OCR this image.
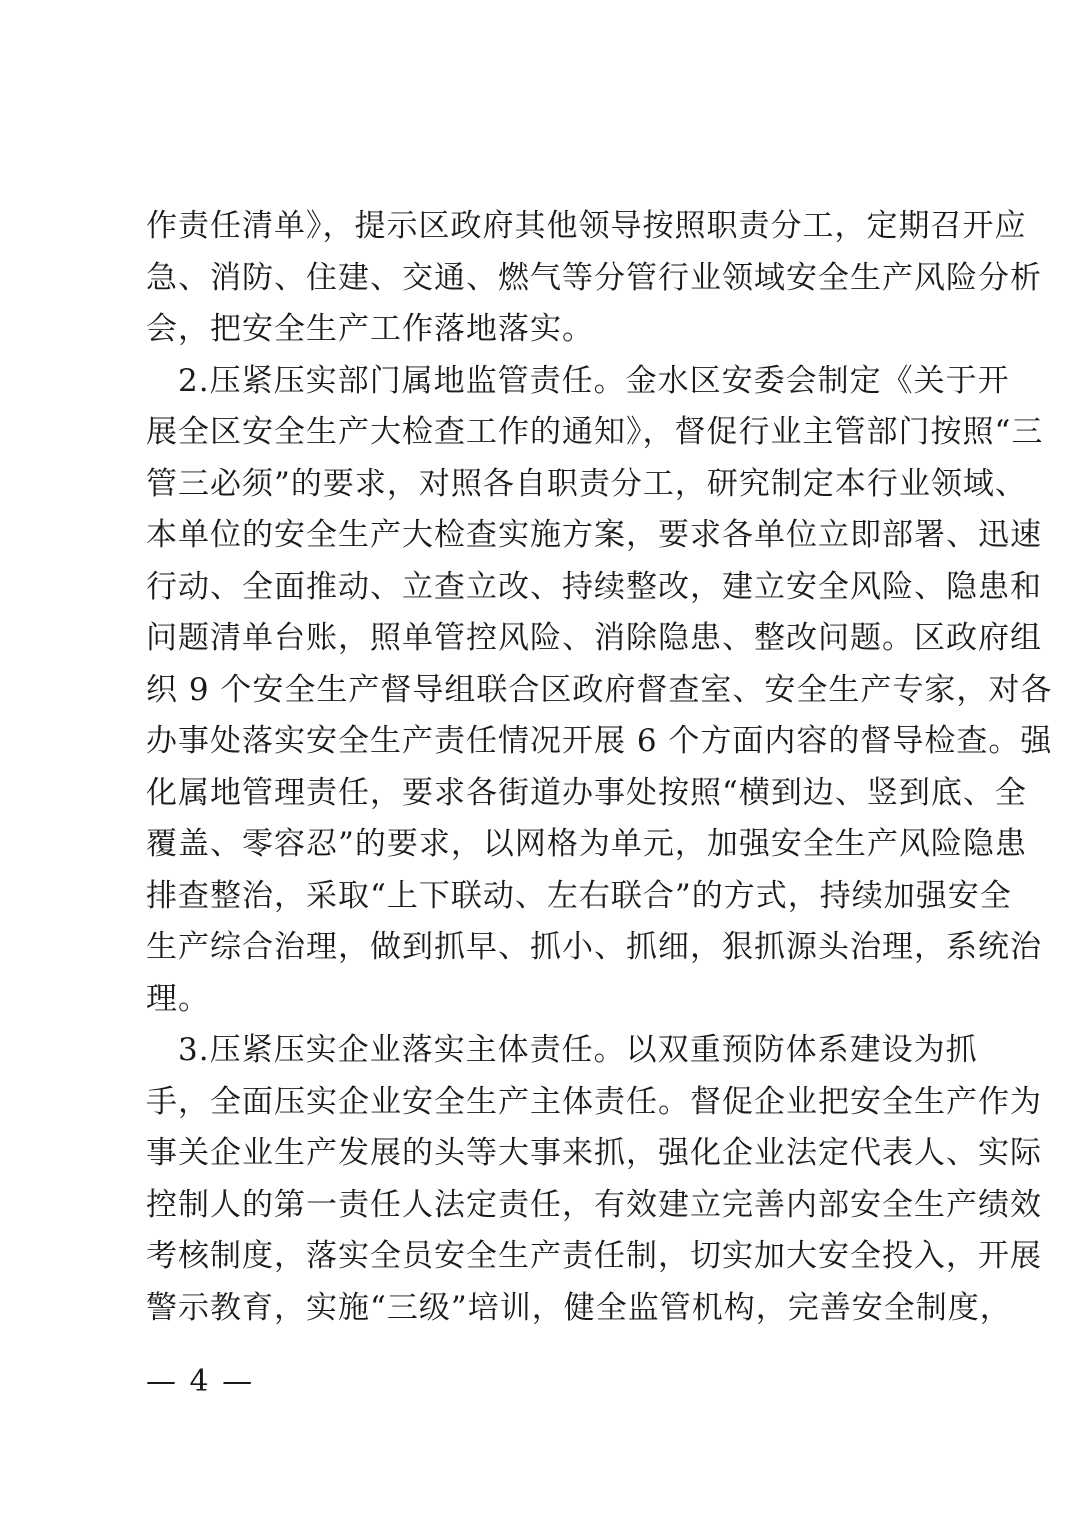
作责任清单》，提示区政府其他领导按照职责分工，定期召开应
急、消防、住建、交通、燃气等分管行业领域安全生产风险分析
会，把安全生产工作落地落实。
　2.压紧压实部门属地监管责任。金水区安委会制定《关于开
展全区安全生产大检查工作的通知》，督促行业主管部门按照“三
管三必须”的要求，对照各自职责分工，研究制定本行业领域、
本单位的安全生产大检查实施方案，要求各单位立即部署、迅速
行动、全面推动、立查立改、持续整改，建立安全风险、隐患和
问题清单台账，照单管控风险、消除隐患、整改问题。区政府组
织 9 个安全生产督导组联合区政府督查室、安全生产专家，对各
办事处落实安全生产责任情况开展 6 个方面内容的督导检查。强
化属地管理责任，要求各街道办事处按照“横到边、竖到底、全
覆盖、零容忍”的要求，以网格为单元，加强安全生产风险隐患
排查整治，采取“上下联动、左右联合”的方式，持续加强安全
生产综合治理，做到抓早、抓小、抓细，狠抓源头治理，系统治
理。
　3.压紧压实企业落实主体责任。以双重预防体系建设为抓
手，全面压实企业安全生产主体责任。督促企业把安全生产作为
事关企业生产发展的头等大事来抓，强化企业法定代表人、实际
控制人的第一责任人法定责任，有效建立完善内部安全生产绩效
考核制度，落实全员安全生产责任制，切实加大安全投入，开展
警示教育，实施“三级”培训，健全监管机构，完善安全制度，
— 4 —
